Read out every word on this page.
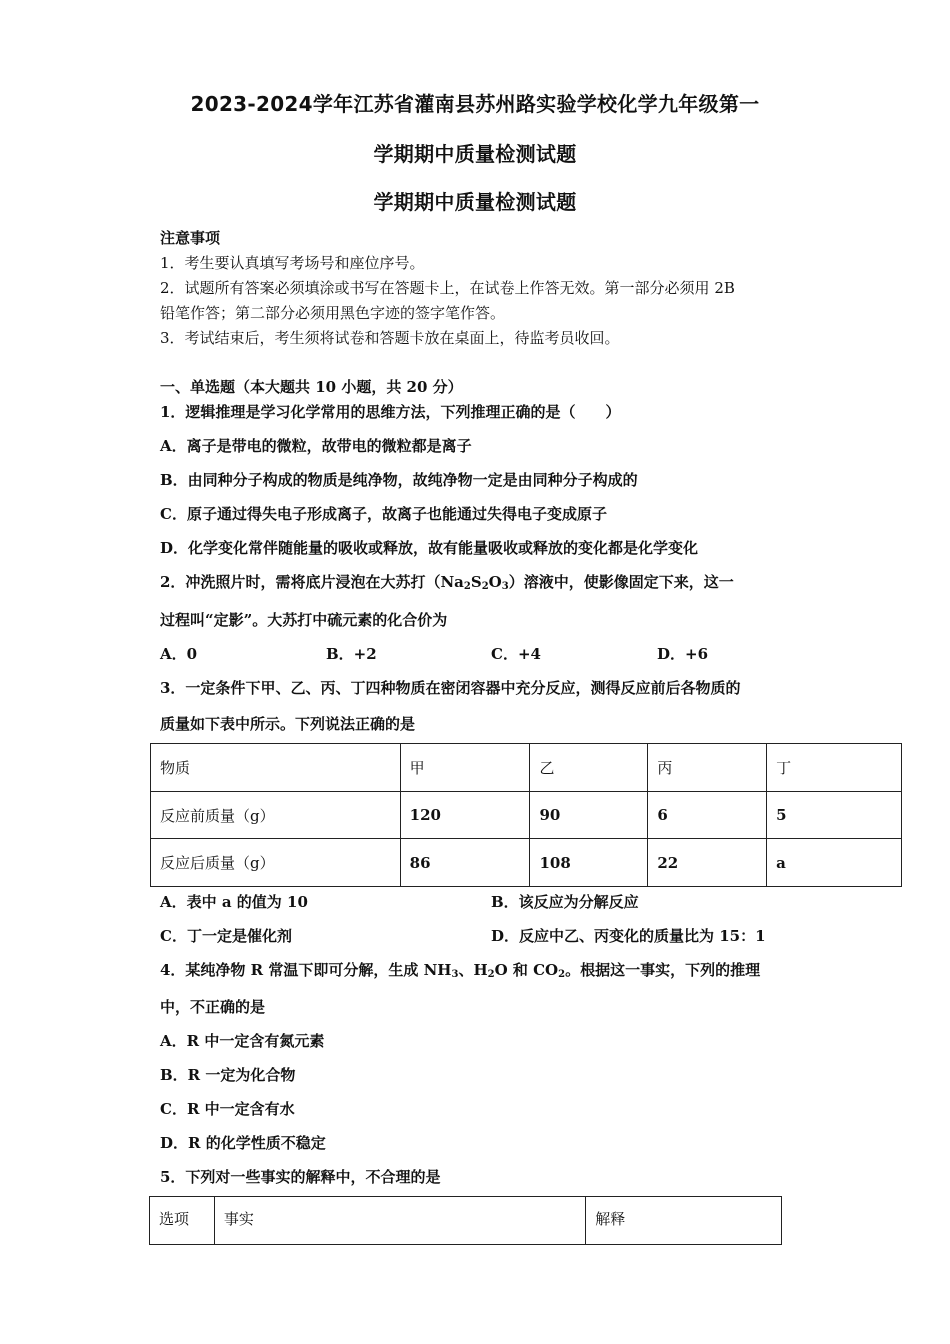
2023-2024学年江苏省灌南县苏州路实验学校化学九年级第一
学期期中质量检测试题
学期期中质量检测试题
注意事项
1．考生要认真填写考场号和座位序号。
2．试题所有答案必须填涂或书写在答题卡上，在试卷上作答无效。第一部分必须用 2B
铅笔作答；第二部分必须用黑色字迹的签字笔作答。
3．考试结束后，考生须将试卷和答题卡放在桌面上，待监考员收回。
一、单选题（本大题共 10 小题，共 20 分）
1．逻辑推理是学习化学常用的思维方法，下列推理正确的是（　　）
A．离子是带电的微粒，故带电的微粒都是离子
B．由同种分子构成的物质是纯净物，故纯净物一定是由同种分子构成的
C．原子通过得失电子形成离子，故离子也能通过失得电子变成原子
D．化学变化常伴随能量的吸收或释放，故有能量吸收或释放的变化都是化学变化
2．冲洗照片时，需将底片浸泡在大苏打$(Na_2S_2O_3)$溶液中，使影像固定下来，这一
过程叫“定影”。大苏打中硫元素的化合价为
A．0	B．+2	C．+4	D．+6
3．一定条件下甲、乙、丙、丁四种物质在密闭容器中充分反应，测得反应前后各物质的
质量如下表中所示。下列说法正确的是
物质	甲	乙	丙	丁
反应前质量（g）	120	90	6	5
反应后质量（g）	86	108	22	a
A．表中 a 的值为 10	B．该反应为分解反应
C．丁一定是催化剂	D．反应中乙、丙变化的质量比为 15：1
4．某纯净物 R 常温下即可分解，生成 $NH_3$、$H_2O$ 和 $CO_2$。根据这一事实，下列的推理
中，不正确的是
A．R 中一定含有氮元素
B．R 一定为化合物
C．R 中一定含有水
D．R 的化学性质不稳定
5．下列对一些事实的解释中，不合理的是
选项	事实	解释
